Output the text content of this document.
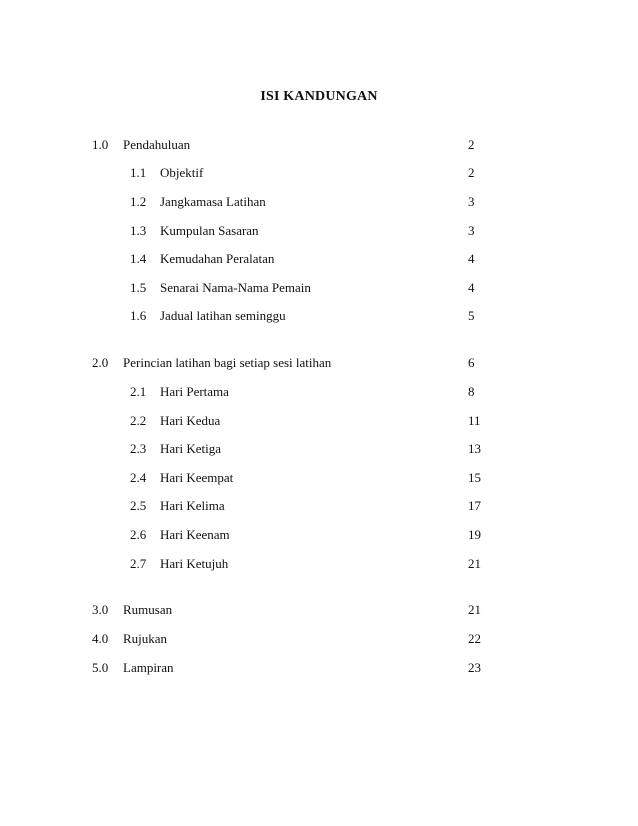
ISI KANDUNGAN
1.0 Pendahuluan	2
1.1 Objektif	2
1.2 Jangkamasa Latihan	3
1.3 Kumpulan Sasaran	3
1.4 Kemudahan Peralatan	4
1.5 Senarai Nama-Nama Pemain	4
1.6 Jadual latihan seminggu	5
2.0 Perincian latihan bagi setiap sesi latihan	6
2.1 Hari Pertama	8
2.2 Hari Kedua	11
2.3 Hari Ketiga	13
2.4 Hari Keempat	15
2.5 Hari Kelima	17
2.6 Hari Keenam	19
2.7 Hari Ketujuh	21
3.0 Rumusan	21
4.0 Rujukan	22
5.0 Lampiran	23
